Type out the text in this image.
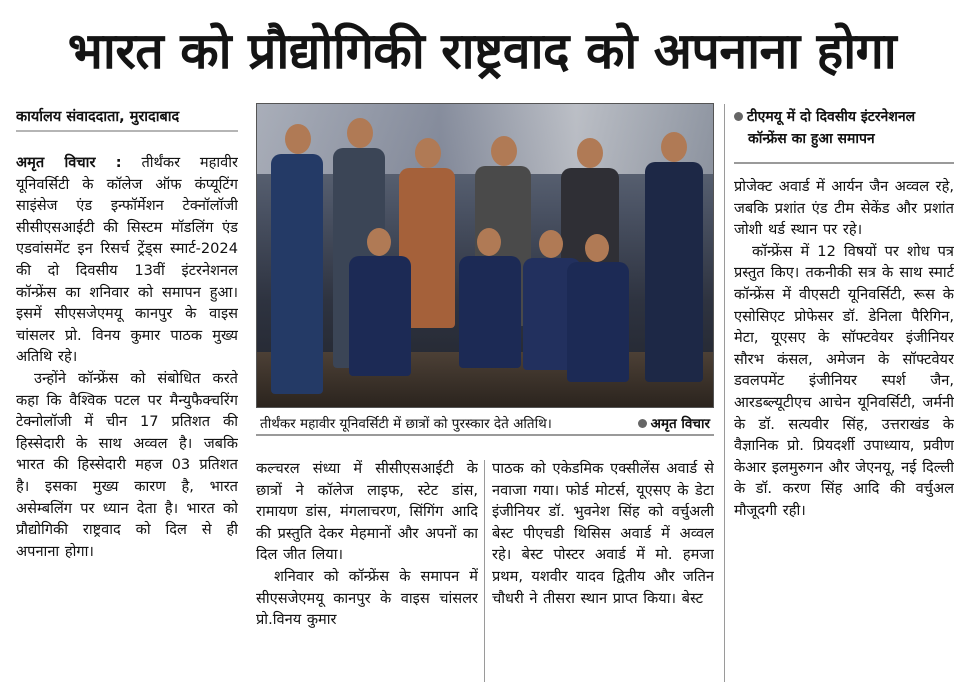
भारत को प्रौद्योगिकी राष्ट्रवाद को अपनाना होगा
कार्यालय संवाददाता, मुरादाबाद

अमृत विचार : तीर्थंकर महावीर यूनिवर्सिटी के कॉलेज ऑफ कंप्यूटिंग साइंसेज एंड इन्फॉर्मेशन टेक्नॉलॉजी सीसीएसआईटी की सिस्टम मॉडलिंग एंड एडवांसमेंट इन रिसर्च ट्रेंड्स स्मार्ट-2024 की दो दिवसीय 13वीं इंटरनेशनल कॉन्फ्रेंस का शनिवार को समापन हुआ। इसमें सीएसजेएमयू कानपुर के वाइस चांसलर प्रो. विनय कुमार पाठक मुख्य अतिथि रहे।

उन्होंने कॉन्फ्रेंस को संबोधित करते कहा कि वैश्विक पटल पर मैन्युफैक्चरिंग टेक्नोलॉजी में चीन 17 प्रतिशत की हिस्सेदारी के साथ अव्वल है। जबकि भारत की हिस्सेदारी महज 03 प्रतिशत है। इसका मुख्य कारण है, भारत असेम्बलिंग पर ध्यान देता है। भारत को प्रौद्योगिकी राष्ट्रवाद को दिल से ही अपनाना होगा।

तीर्थंकर महावीर यूनिवर्सिटी में छात्रों को पुरस्कार देते अतिथि।	अमृत विचार

कल्चरल संध्या में सीसीएसआईटी के छात्रों ने कॉलेज लाइफ, स्टेट डांस, रामायण डांस, मंगलाचरण, सिंगिंग आदि की प्रस्तुति देकर मेहमानों और अपनों का दिल जीत लिया।

शनिवार को कॉन्फ्रेंस के समापन में सीएसजेएमयू कानपुर के वाइस चांसलर प्रो.विनय कुमार

पाठक को एकेडमिक एक्सीलेंस अवार्ड से नवाजा गया। फोर्ड मोटर्स, यूएसए के डेटा इंजीनियर डॉ. भुवनेश सिंह को वर्चुअली बेस्ट पीएचडी थिसिस अवार्ड में अव्वल रहे। बेस्ट पोस्टर अवार्ड में मो. हमजा प्रथम, यशवीर यादव द्वितीय और जतिन चौधरी ने तीसरा स्थान प्राप्त किया। बेस्ट

टीएमयू में दो दिवसीय इंटरनेशनल
कॉन्फ्रेंस का हुआ समापन

प्रोजेक्ट अवार्ड में आर्यन जैन अव्वल रहे, जबकि प्रशांत एंड टीम सेकेंड और प्रशांत जोशी थर्ड स्थान पर रहे।

कॉन्फ्रेंस में 12 विषयों पर शोध पत्र प्रस्तुत किए। तकनीकी सत्र के साथ स्मार्ट कॉन्फ्रेंस में वीएसटी यूनिवर्सिटी, रूस के एसोसिएट प्रोफेसर डॉ. डेनिला पैरिगिन, मेटा, यूएसए के सॉफ्टवेयर इंजीनियर सौरभ कंसल, अमेजन के सॉफ्टवेयर डवलपमेंट इंजीनियर स्पर्श जैन, आरडब्ल्यूटीएच आचेन यूनिवर्सिटी, जर्मनी के डॉ. सत्यवीर सिंह, उत्तराखंड के वैज्ञानिक प्रो. प्रियदर्शी उपाध्याय, प्रवीण केआर इलमुरुगन और जेएनयू, नई दिल्ली के डॉ. करण सिंह आदि की वर्चुअल मौजूदगी रही।
